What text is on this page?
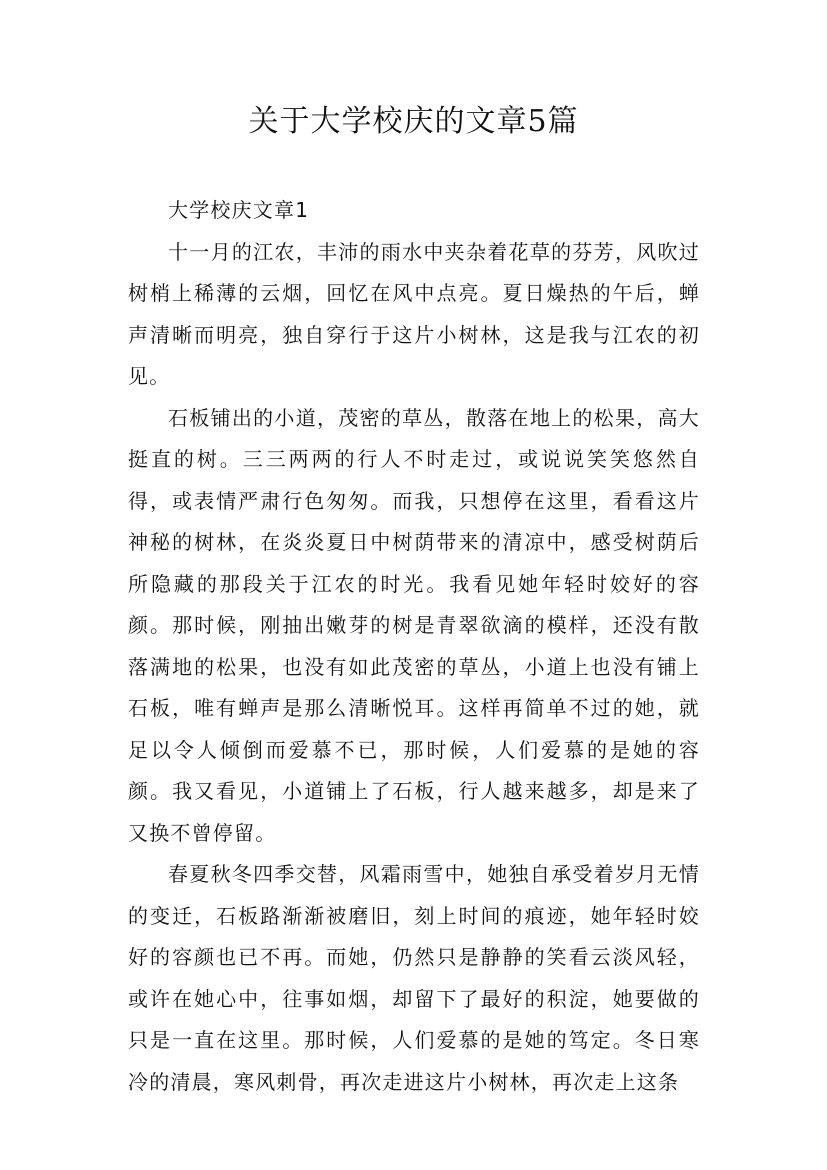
关于大学校庆的文章5篇

大学校庆文章1

十一月的江农，丰沛的雨水中夹杂着花草的芬芳，风吹过树梢上稀薄的云烟，回忆在风中点亮。夏日燥热的午后，蝉声清晰而明亮，独自穿行于这片小树林，这是我与江农的初见。

石板铺出的小道，茂密的草丛，散落在地上的松果，高大挺直的树。三三两两的行人不时走过，或说说笑笑悠然自得，或表情严肃行色匆匆。而我，只想停在这里，看看这片神秘的树林，在炎炎夏日中树荫带来的清凉中，感受树荫后所隐藏的那段关于江农的时光。我看见她年轻时姣好的容颜。那时候，刚抽出嫩芽的树是青翠欲滴的模样，还没有散落满地的松果，也没有如此茂密的草丛，小道上也没有铺上石板，唯有蝉声是那么清晰悦耳。这样再简单不过的她，就足以令人倾倒而爱慕不已，那时候，人们爱慕的是她的容颜。我又看见，小道铺上了石板，行人越来越多，却是来了又换不曾停留。

春夏秋冬四季交替，风霜雨雪中，她独自承受着岁月无情的变迁，石板路渐渐被磨旧，刻上时间的痕迹，她年轻时姣好的容颜也已不再。而她，仍然只是静静的笑看云淡风轻，或许在她心中，往事如烟，却留下了最好的积淀，她要做的只是一直在这里。那时候，人们爱慕的是她的笃定。冬日寒冷的清晨，寒风刺骨，再次走进这片小树林，再次走上这条
